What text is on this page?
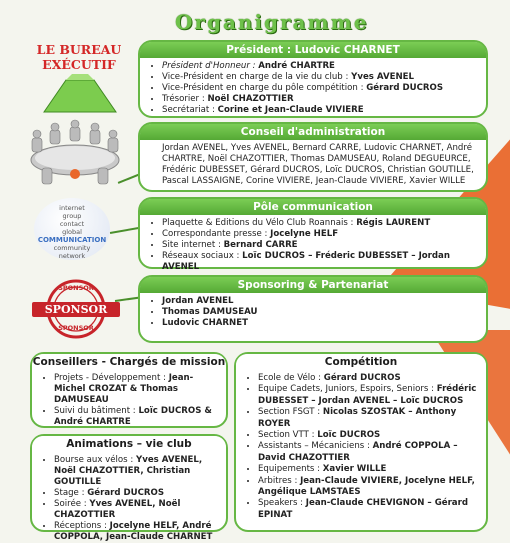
Organigramme
LE BUREAU
EXÉCUTIF
internet
group
contact
global
COMMUNICATION
community
network
SPONSOR
SPONSOR
SPONSOR
Président : Ludovic CHARNET
• Président d'Honneur : André CHARTRE
• Vice-Président en charge de la vie du club : Yves AVENEL
• Vice-Président en charge du pôle compétition : Gérard DUCROS
• Trésorier : Noël CHAZOTTIER
• Secrétariat : Corine et Jean-Claude VIVIERE
Conseil d'administration
Jordan AVENEL, Yves AVENEL, Bernard CARRE, Ludovic CHARNET, André CHARTRE, Noël CHAZOTTIER, Thomas DAMUSEAU, Roland DEGUEURCE, Frédéric DUBESSET, Gérard DUCROS, Loïc DUCROS, Christian GOUTILLE, Pascal LASSAIGNE, Corine VIVIERE, Jean-Claude VIVIERE, Xavier WILLE
Pôle communication
• Plaquette & Editions du Vélo Club Roannais : Régis LAURENT
• Correspondante presse : Jocelyne HELF
• Site internet : Bernard CARRE
• Réseaux sociaux : Loïc DUCROS – Fréderic DUBESSET – Jordan AVENEL
Sponsoring & Partenariat
• Jordan AVENEL
• Thomas DAMUSEAU
• Ludovic CHARNET
Conseillers - Chargés de mission
• Projets - Développement : Jean-Michel CROZAT & Thomas DAMUSEAU
• Suivi du bâtiment : Loïc DUCROS & André CHARTRE
Animations – vie club
• Bourse aux vélos : Yves AVENEL, Noël CHAZOTTIER, Christian GOUTILLE
• Stage : Gérard DUCROS
• Soirée : Yves AVENEL, Noël CHAZOTTIER
• Réceptions : Jocelyne HELF, André COPPOLA, Jean-Claude CHARNET
Compétition
• Ecole de Vélo : Gérard DUCROS
• Equipe Cadets, Juniors, Espoirs, Seniors : Frédéric DUBESSET – Jordan AVENEL – Loïc DUCROS
• Section FSGT : Nicolas SZOSTAK – Anthony ROYER
• Section VTT : Loïc DUCROS
• Assistants – Mécaniciens : André COPPOLA – David CHAZOTTIER
• Equipements : Xavier WILLE
• Arbitres : Jean-Claude VIVIERE, Jocelyne HELF, Angélique LAMSTAES
• Speakers : Jean-Claude CHEVIGNON – Gérard EPINAT
